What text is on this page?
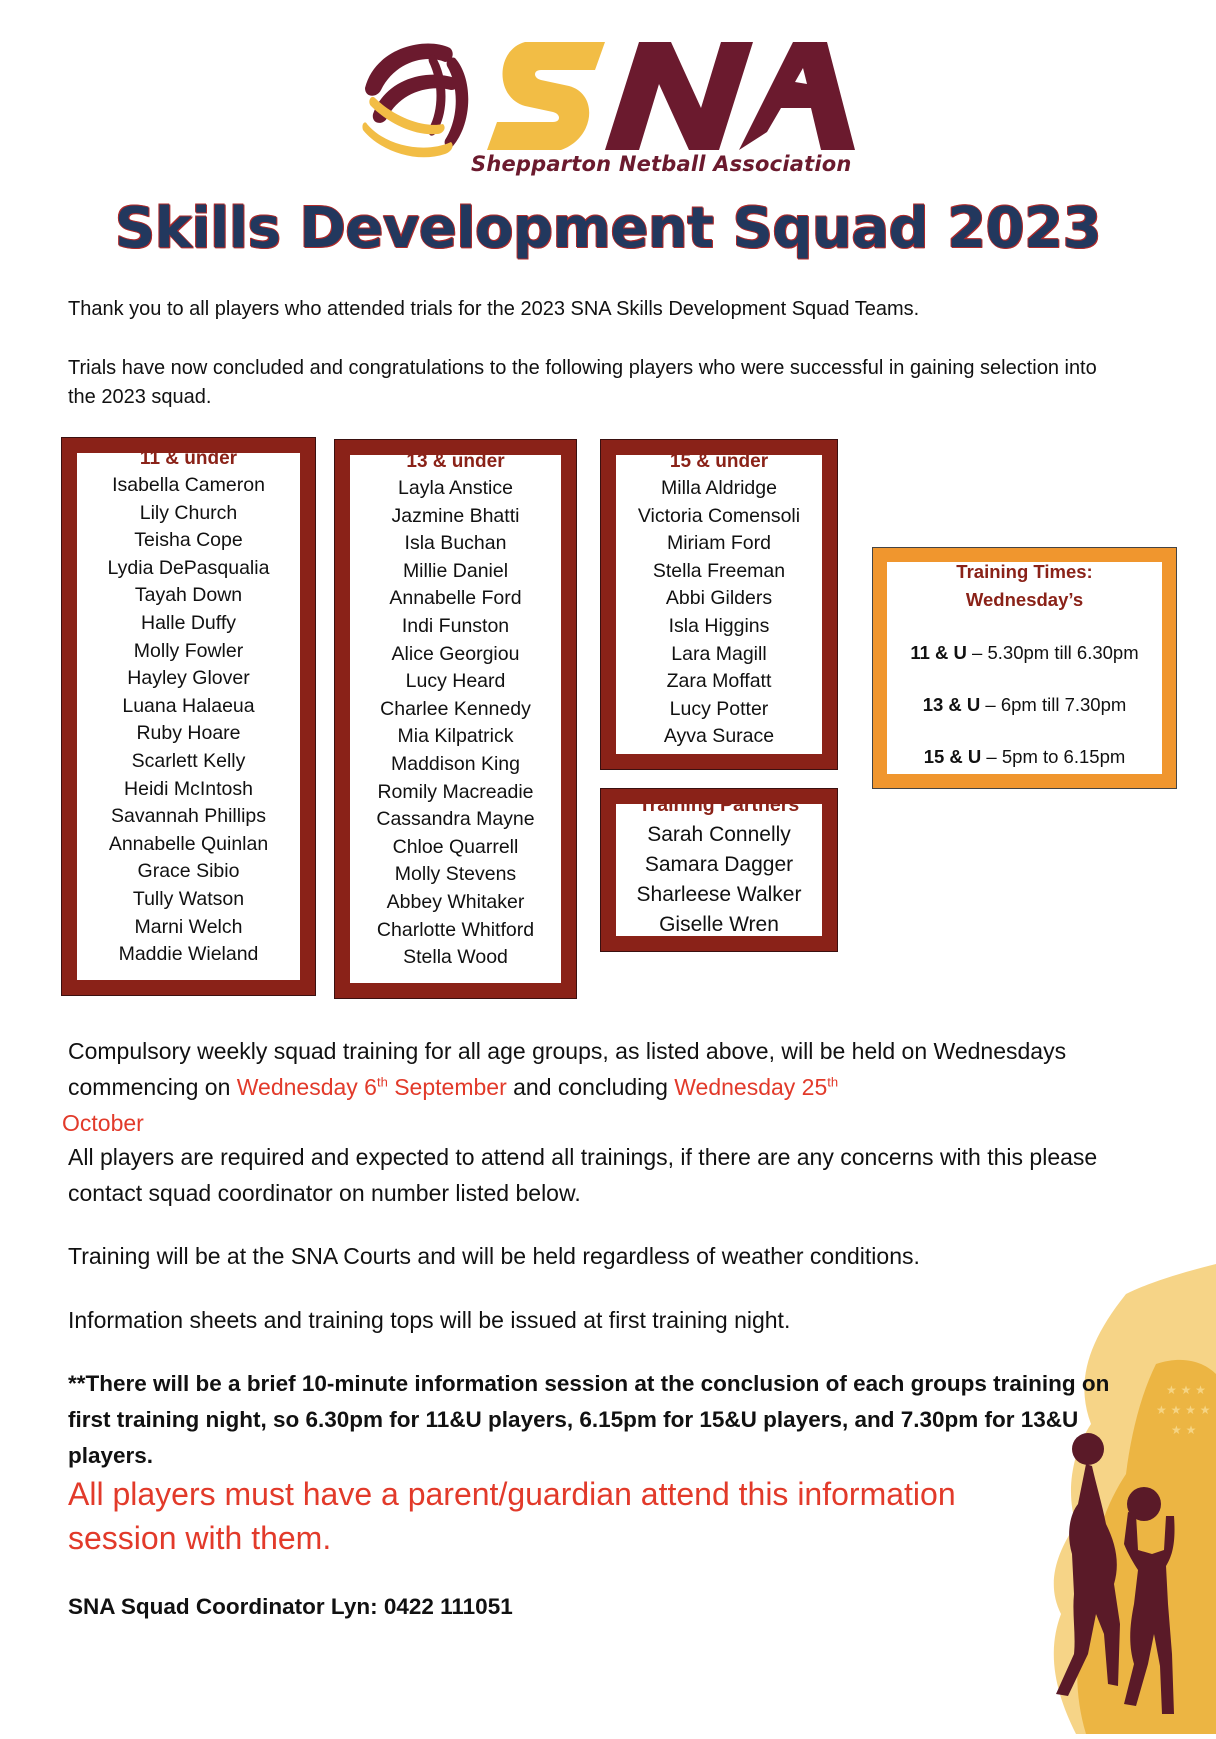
Shepparton Netball Association
Skills Development Squad 2023
Thank you to all players who attended trials for the 2023 SNA Skills Development Squad Teams.
Trials have now concluded and congratulations to the following players who were successful in gaining selection into the 2023 squad.
11 & under
Isabella Cameron
Lily Church
Teisha Cope
Lydia DePasqualia
Tayah Down
Halle Duffy
Molly Fowler
Hayley Glover
Luana Halaeua
Ruby Hoare
Scarlett Kelly
Heidi McIntosh
Savannah Phillips
Annabelle Quinlan
Grace Sibio
Tully Watson
Marni Welch
Maddie Wieland
13 & under
Layla Anstice
Jazmine Bhatti
Isla Buchan
Millie Daniel
Annabelle Ford
Indi Funston
Alice Georgiou
Lucy Heard
Charlee Kennedy
Mia Kilpatrick
Maddison King
Romily Macreadie
Cassandra Mayne
Chloe Quarrell
Molly Stevens
Abbey Whitaker
Charlotte Whitford
Stella Wood
15 & under
Milla Aldridge
Victoria Comensoli
Miriam Ford
Stella Freeman
Abbi Gilders
Isla Higgins
Lara Magill
Zara Moffatt
Lucy Potter
Ayva Surace
Training Partners
Sarah Connelly
Samara Dagger
Sharleese Walker
Giselle Wren
Training Times:
Wednesday’s
11 & U – 5.30pm till 6.30pm
13 & U – 6pm till 7.30pm
15 & U – 5pm to 6.15pm
★ ★ ★
★ ★ ★ ★
★ ★
Compulsory weekly squad training for all age groups, as listed above, will be held on Wednesdays commencing on Wednesday 6th September and concluding Wednesday 25th
October
All players are required and expected to attend all trainings, if there are any concerns with this please contact squad coordinator on number listed below.
Training will be at the SNA Courts and will be held regardless of weather conditions.
Information sheets and training tops will be issued at first training night.
**There will be a brief 10-minute information session at the conclusion of each groups training on first training night, so 6.30pm for 11&U players, 6.15pm for 15&U players, and 7.30pm for 13&U players.
All players must have a parent/guardian attend this information session with them.
SNA Squad Coordinator Lyn: 0422 111051
